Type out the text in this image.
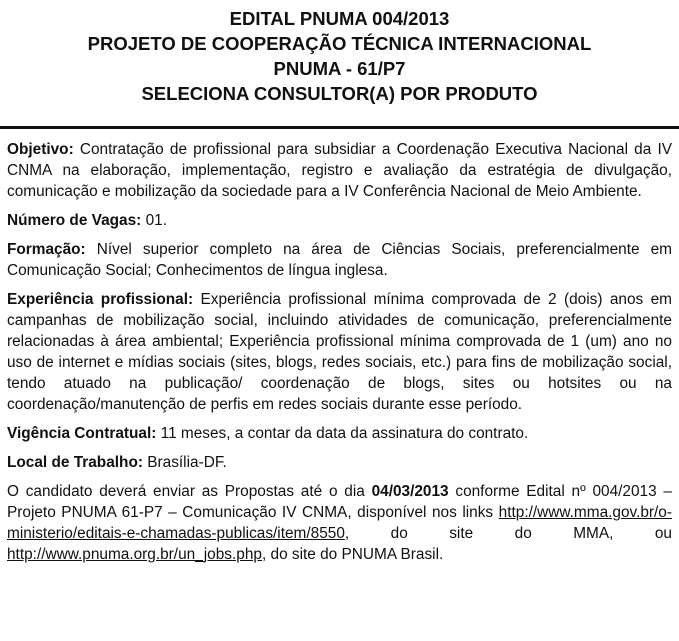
EDITAL PNUMA 004/2013
PROJETO DE COOPERAÇÃO TÉCNICA INTERNACIONAL
PNUMA - 61/P7
SELECIONA CONSULTOR(A) POR PRODUTO

Objetivo: Contratação de profissional para subsidiar a Coordenação Executiva Nacional da IV CNMA na elaboração, implementação, registro e avaliação da estratégia de divulgação, comunicação e mobilização da sociedade para a IV Conferência Nacional de Meio Ambiente.

Número de Vagas: 01.

Formação: Nível superior completo na área de Ciências Sociais, preferencialmente em Comunicação Social; Conhecimentos de língua inglesa.

Experiência profissional: Experiência profissional mínima comprovada de 2 (dois) anos em campanhas de mobilização social, incluindo atividades de comunicação, preferencialmente relacionadas à área ambiental; Experiência profissional mínima comprovada de 1 (um) ano no uso de internet e mídias sociais (sites, blogs, redes sociais, etc.) para fins de mobilização social, tendo atuado na publicação/ coordenação de blogs, sites ou hotsites ou na coordenação/manutenção de perfis em redes sociais durante esse período.

Vigência Contratual: 11 meses, a contar da data da assinatura do contrato.

Local de Trabalho: Brasília-DF.

O candidato deverá enviar as Propostas até o dia 04/03/2013 conforme Edital nº 004/2013 – Projeto PNUMA 61-P7 – Comunicação IV CNMA, disponível nos links http://www.mma.gov.br/o-ministerio/editais-e-chamadas-publicas/item/8550, do site do MMA, ou http://www.pnuma.org.br/un_jobs.php, do site do PNUMA Brasil.
